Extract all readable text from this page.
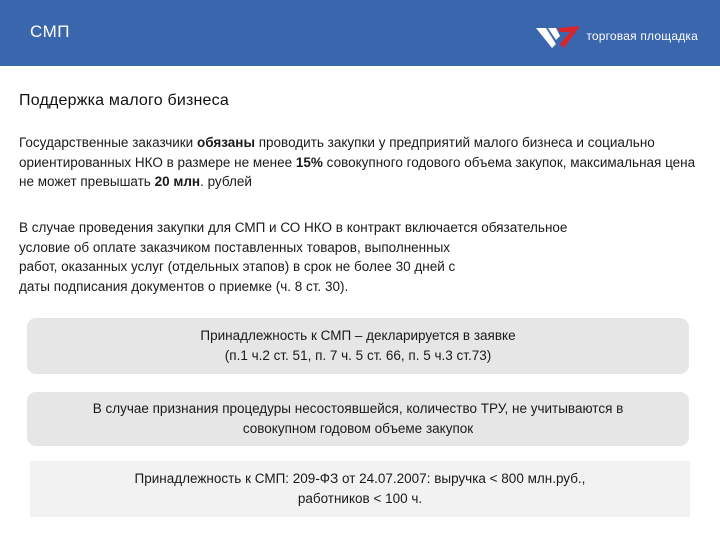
СМП	торговая площадка
Поддержка малого бизнеса

Государственные заказчики обязаны проводить закупки у предприятий малого бизнеса и социально ориентированных НКО в размере не менее 15% совокупного годового объема закупок, максимальная цена не может превышать 20 млн. рублей

В случае проведения закупки для СМП и СО НКО в контракт включается обязательное
условие об оплате заказчиком поставленных товаров, выполненных
работ, оказанных услуг (отдельных этапов) в срок не более 30 дней с
даты подписания документов о приемке (ч. 8 ст. 30).

Принадлежность к СМП – декларируется в заявке
(п.1 ч.2 ст. 51, п. 7 ч. 5 ст. 66, п. 5 ч.3 ст.73)
В случае признания процедуры несостоявшейся, количество ТРУ, не учитываются в
совокупном годовом объеме закупок
Принадлежность к СМП: 209-ФЗ от 24.07.2007: выручка < 800 млн.руб.,
работников < 100 ч.
